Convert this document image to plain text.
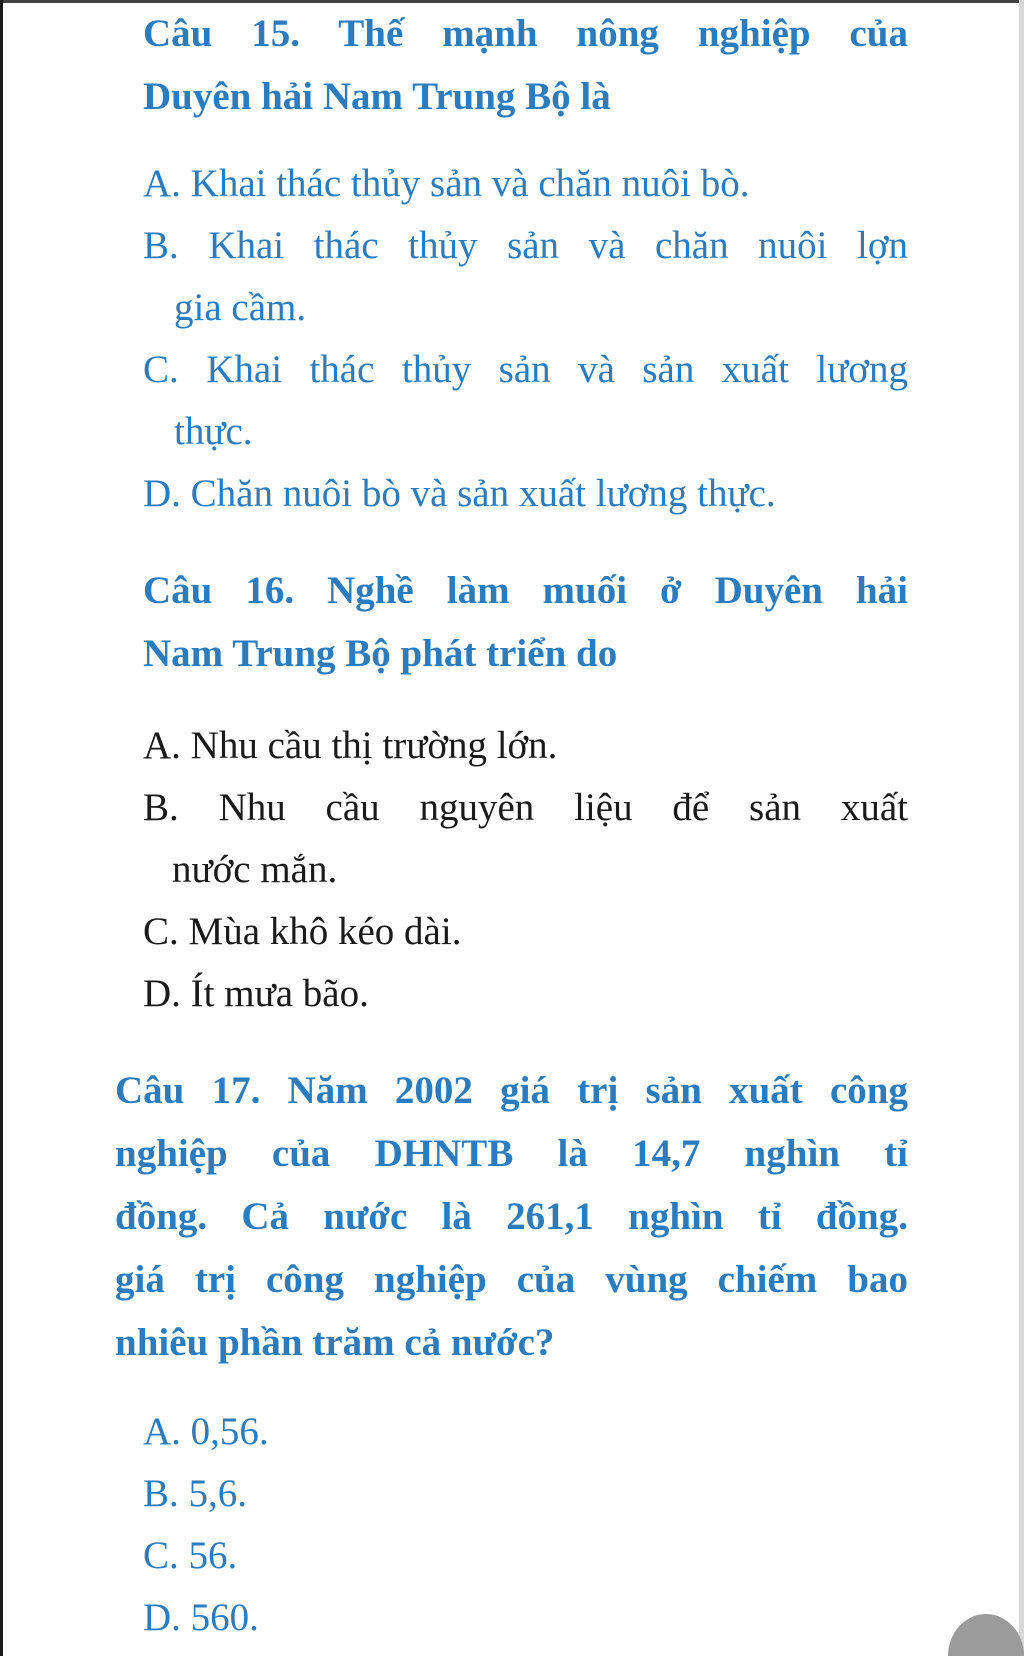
Câu 15. Thế mạnh nông nghiệp của
Duyên hải Nam Trung Bộ là
A. Khai thác thủy sản và chăn nuôi bò.
B. Khai thác thủy sản và chăn nuôi lợn
gia cầm.
C. Khai thác thủy sản và sản xuất lương
thực.
D. Chăn nuôi bò và sản xuất lương thực.
Câu 16. Nghề làm muối ở Duyên hải
Nam Trung Bộ phát triển do
A. Nhu cầu thị trường lớn.
B. Nhu cầu nguyên liệu để sản xuất
nước mắn.
C. Mùa khô kéo dài.
D. Ít mưa bão.
Câu 17. Năm 2002 giá trị sản xuất công
nghiệp của DHNTB là 14,7 nghìn tỉ
đồng. Cả nước là 261,1 nghìn tỉ đồng.
giá trị công nghiệp của vùng chiếm bao
nhiêu phần trăm cả nước?
A. 0,56.
B. 5,6.
C. 56.
D. 560.
